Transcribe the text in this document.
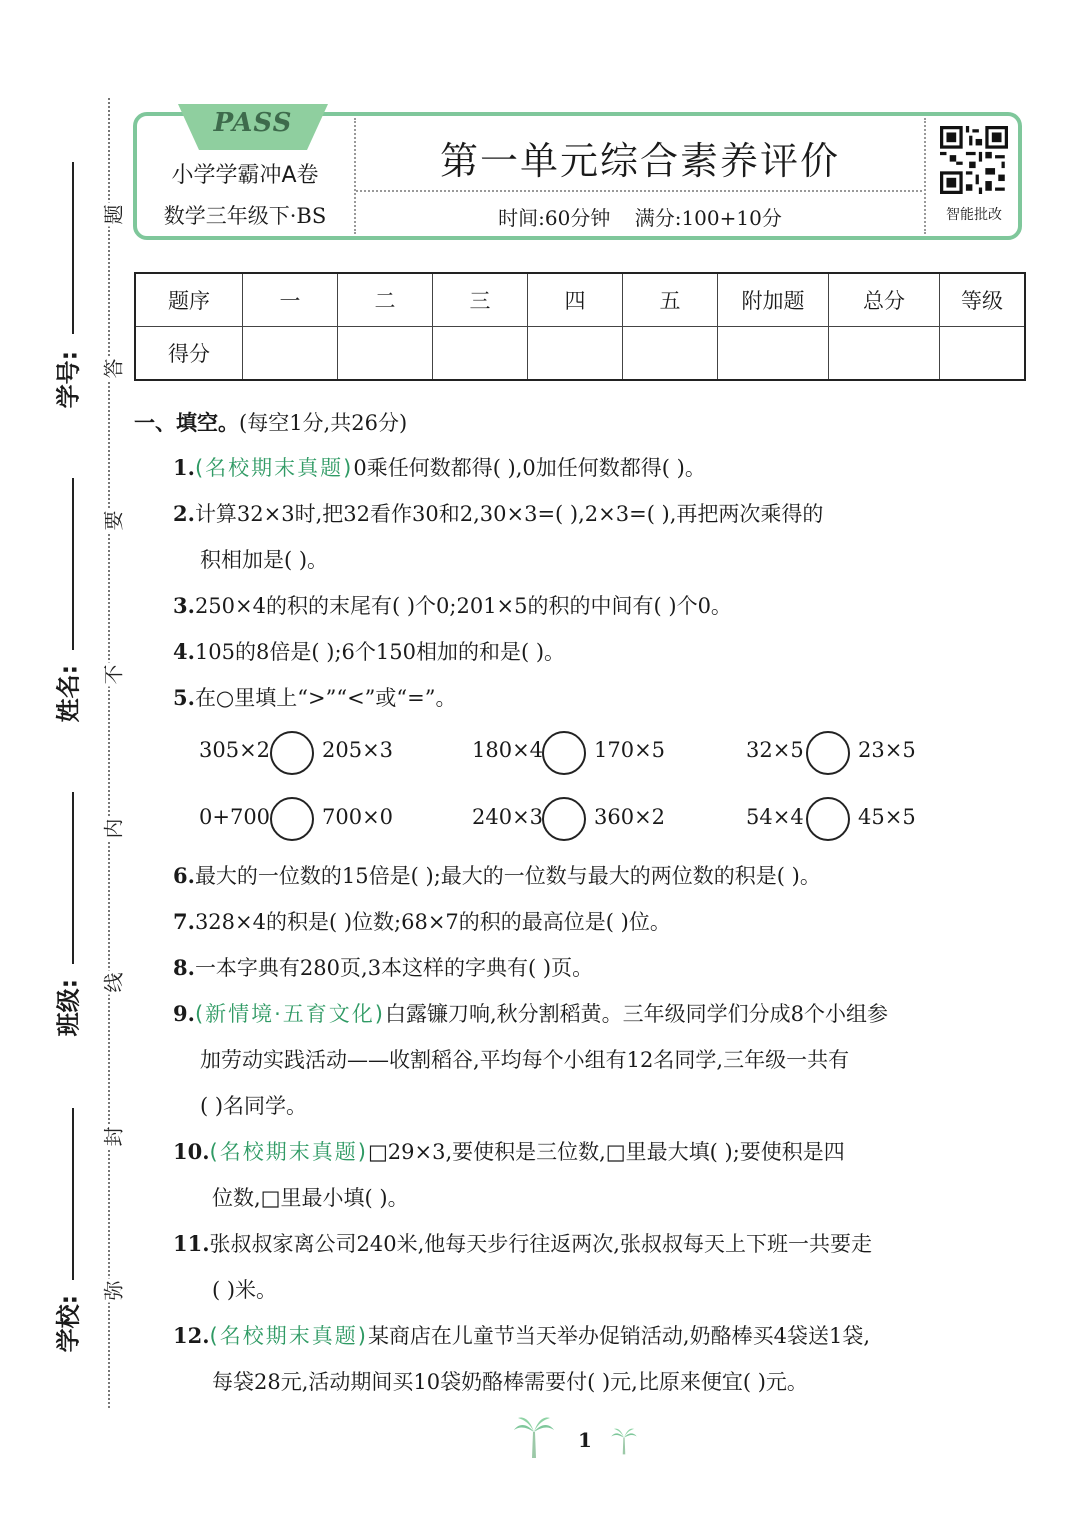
题
答
要
不
内
线
封
弥
学号:
姓名:
班级:
学校:
PASS
小学学霸冲A卷
数学三年级下·BS
第一单元综合素养评价
时间:60分钟 满分:100+10分	智能批改
题序	一	二	三	四	五	附加题	总分	等级
得分								
一、填空。(每空1分,共26分)
1.(名校期末真题)0乘任何数都得( ),0加任何数都得( )。
2.计算32×3时,把32看作30和2,30×3=( ),2×3=( ),再把两次乘得的
积相加是( )。
3.250×4的积的末尾有( )个0;201×5的积的中间有( )个0。
4.105的8倍是( );6个150相加的和是( )。
5.在○里填上“>”“<”或“=”。
305×2 205×3	180×4 170×5	32×5	23×5
0+700 700×0	240×3 360×2	54×4	45×5
6.最大的一位数的15倍是( );最大的一位数与最大的两位数的积是( )。
7.328×4的积是( )位数;68×7的积的最高位是( )位。
8.一本字典有280页,3本这样的字典有( )页。
9.(新情境·五育文化)白露镰刀响,秋分割稻黄。三年级同学们分成8个小组参
加劳动实践活动——收割稻谷,平均每个小组有12名同学,三年级一共有
( )名同学。
10.(名校期末真题)□29×3,要使积是三位数,□里最大填( );要使积是四
位数,□里最小填( )。
11.张叔叔家离公司240米,他每天步行往返两次,张叔叔每天上下班一共要走
( )米。
12.(名校期末真题)某商店在儿童节当天举办促销活动,奶酪棒买4袋送1袋,
每袋28元,活动期间买10袋奶酪棒需要付( )元,比原来便宜( )元。
1
